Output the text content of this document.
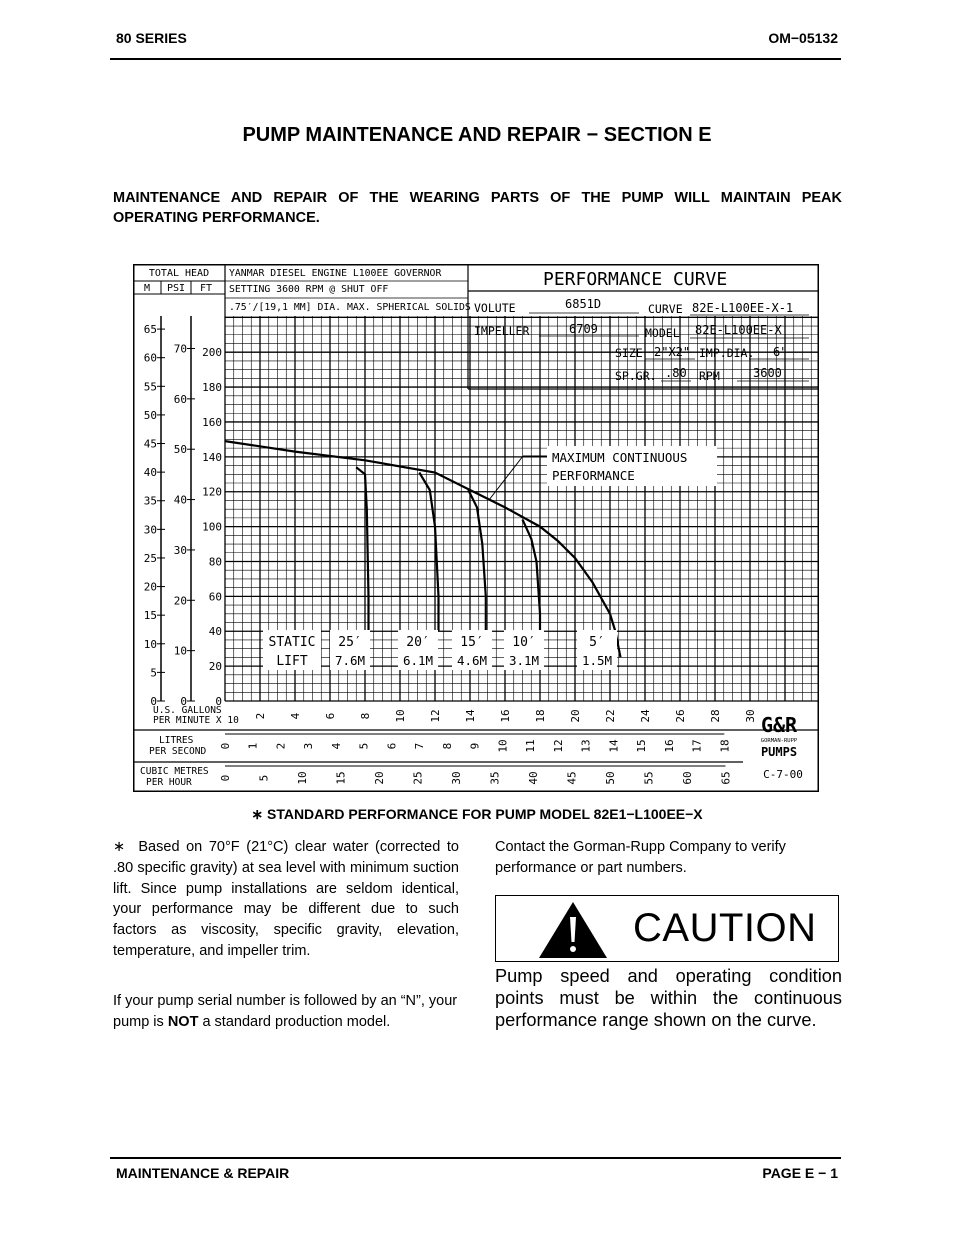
80 SERIES	OM−05132
PUMP MAINTENANCE AND REPAIR − SECTION E
MAINTENANCE AND REPAIR OF THE WEARING PARTS OF THE PUMP WILL MAINTAIN PEAK OPERATING PERFORMANCE.
TOTAL HEAD
M PSI FT
65
60
55
50
45
40
35
30
25
20
15
10
5
0
70
60
50
40
30
20
10
0
200
180
160
140
120
100
80
60
40
20
0
YANMAR DIESEL ENGINE L100EE GOVERNOR
SETTING 3600 RPM @ SHUT OFF
.75′/[19,1 MM] DIA. MAX. SPHERICAL SOLIDS
PERFORMANCE CURVE
VOLUTE	6851D	CURVE 82E-L100EE-X-1
IMPELLER	6709	MODEL 82E-L100EE-X
SIZE 2"X2" IMP.DIA. 6"
SP.GR. .80 RPM	3600
2 4 6 8 10 12 14 16 18 20 22 24 26 28 30
U.S. GALLONS
PER MINUTE X 10
LITRES
PER SECOND 0 1 2 3 4 5 6 7 8 9 10 11 12 13 14 15 16 17 18
CUBIC METRES
PER HOUR 0 5 10 15 20 25 30 35 40 45 50 55 60 65
MAXIMUM CONTINUOUS
PERFORMANCE
STATIC
LIFT
25′
7.6M
20′
6.1M
15′
4.6M
10′
3.1M
5′
1.5M
G&R
GORMAN-RUPP
PUMPS
C-7-00
∗ STANDARD PERFORMANCE FOR PUMP MODEL 82E1−L100EE−X
∗ Based on 70°F (21°C) clear water (corrected to .80 specific gravity) at sea level with minimum suction lift. Since pump installations are seldom identical, your performance may be different due to such factors as viscosity, specific gravity, elevation, temperature, and impeller trim.
If your pump serial number is followed by an “N”, your pump is NOT a standard production model.
Contact the Gorman-Rupp Company to verify performance or part numbers.
CAUTION
Pump speed and operating condition points must be within the continuous performance range shown on the curve.
MAINTENANCE & REPAIR	PAGE E − 1
